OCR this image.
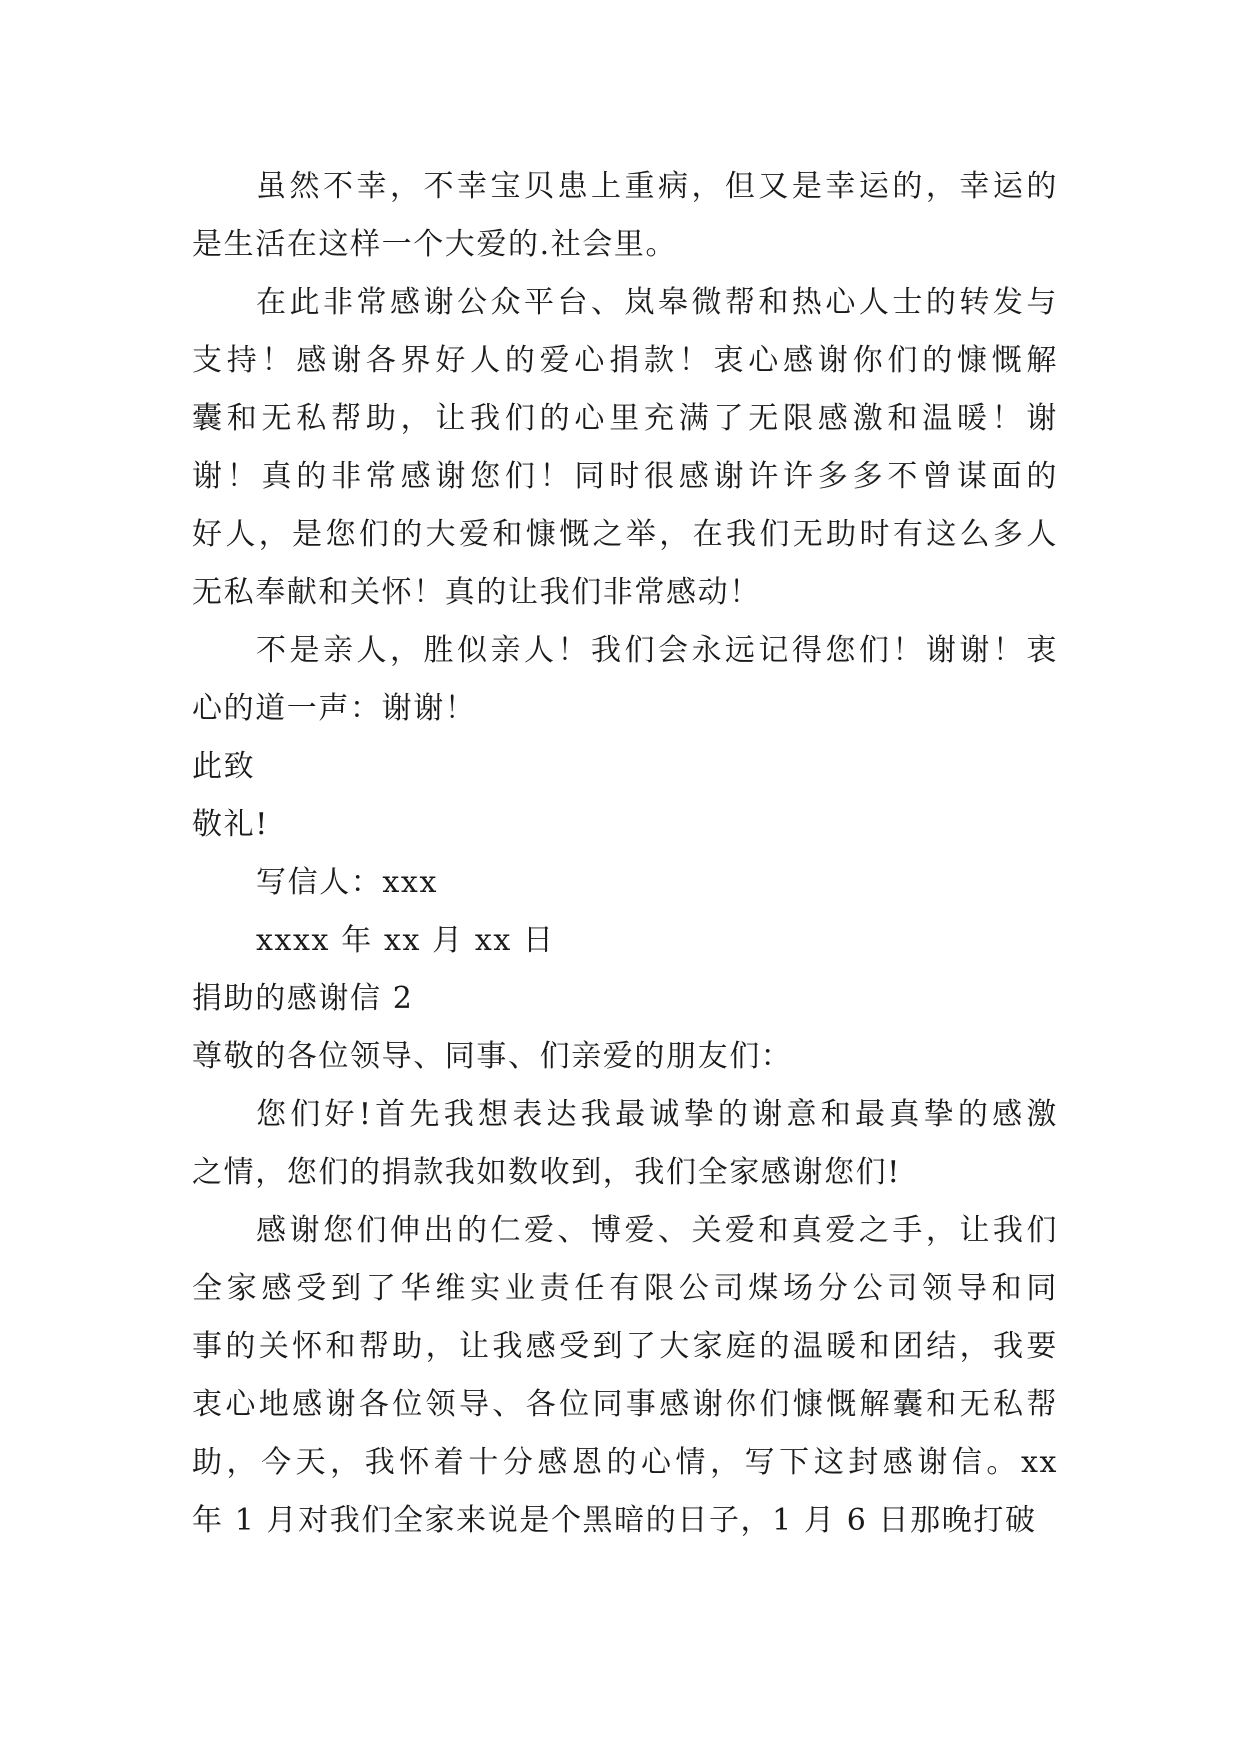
虽然不幸，不幸宝贝患上重病，但又是幸运的，幸运的
是生活在这样一个大爱的.社会里。

在此非常感谢公众平台、岚皋微帮和热心人士的转发与
支持！感谢各界好人的爱心捐款！衷心感谢你们的慷慨解
囊和无私帮助，让我们的心里充满了无限感激和温暖！谢
谢！真的非常感谢您们！同时很感谢许许多多不曾谋面的
好人，是您们的大爱和慷慨之举，在我们无助时有这么多人
无私奉献和关怀！真的让我们非常感动！

不是亲人，胜似亲人！我们会永远记得您们！谢谢！衷
心的道一声：谢谢！

此致

敬礼!

写信人：xxx

xxxx 年 xx 月 xx 日

捐助的感谢信 2

尊敬的各位领导、同事、们亲爱的朋友们：

您们好!首先我想表达我最诚挚的谢意和最真挚的感激
之情，您们的捐款我如数收到，我们全家感谢您们!

感谢您们伸出的仁爱、博爱、关爱和真爱之手，让我们
全家感受到了华维实业责任有限公司煤场分公司领导和同
事的关怀和帮助，让我感受到了大家庭的温暖和团结，我要
衷心地感谢各位领导、各位同事感谢你们慷慨解囊和无私帮
助，今天，我怀着十分感恩的心情，写下这封感谢信。xx
年 1 月对我们全家来说是个黑暗的日子，1 月 6 日那晚打破
